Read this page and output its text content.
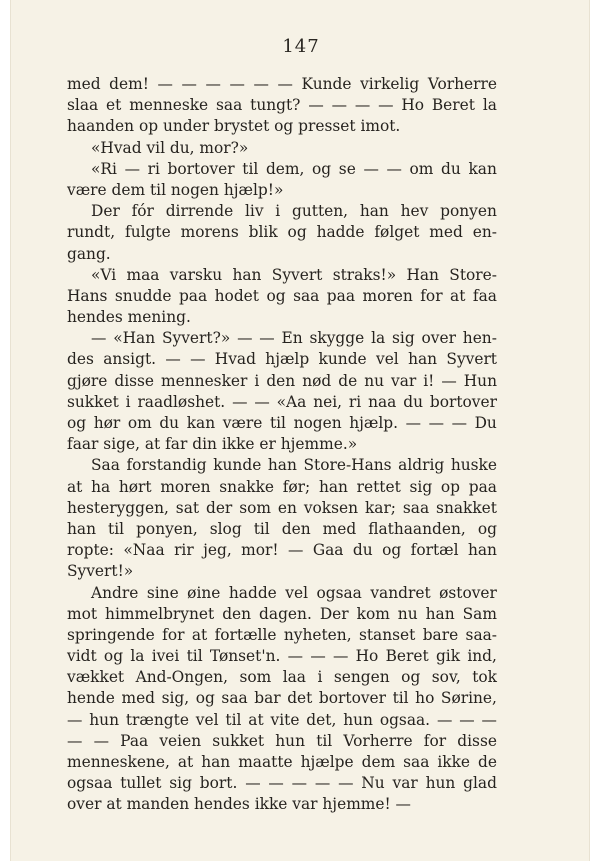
147
med dem! — — — — — — Kunde virkelig Vorherre
slaa et menneske saa tungt? — — — — Ho Beret la
haanden op under brystet og presset imot.
«Hvad vil du, mor?»
«Ri — ri bortover til dem, og se — — om du kan
være dem til nogen hjælp!»
Der fór dirrende liv i gutten, han hev ponyen
rundt, fulgte morens blik og hadde følget med en-
gang.
«Vi maa varsku han Syvert straks!» Han Store-
Hans snudde paa hodet og saa paa moren for at faa
hendes mening.
— «Han Syvert?» — — En skygge la sig over hen-
des ansigt. — — Hvad hjælp kunde vel han Syvert
gjøre disse mennesker i den nød de nu var i! — Hun
sukket i raadløshet. — — «Aa nei, ri naa du bortover
og hør om du kan være til nogen hjælp. — — — Du
faar sige, at far din ikke er hjemme.»
Saa forstandig kunde han Store-Hans aldrig huske
at ha hørt moren snakke før; han rettet sig op paa
hesteryggen, sat der som en voksen kar; saa snakket
han til ponyen, slog til den med flathaanden, og
ropte: «Naa rir jeg, mor! — Gaa du og fortæl han
Syvert!»
Andre sine øine hadde vel ogsaa vandret østover
mot himmelbrynet den dagen. Der kom nu han Sam
springende for at fortælle nyheten, stanset bare saa-
vidt og la ivei til Tønset'n. — — — Ho Beret gik ind,
vækket And-Ongen, som laa i sengen og sov, tok
hende med sig, og saa bar det bortover til ho Sørine,
— hun trængte vel til at vite det, hun ogsaa. — — —
— — Paa veien sukket hun til Vorherre for disse
menneskene, at han maatte hjælpe dem saa ikke de
ogsaa tullet sig bort. — — — — — Nu var hun glad
over at manden hendes ikke var hjemme! —
